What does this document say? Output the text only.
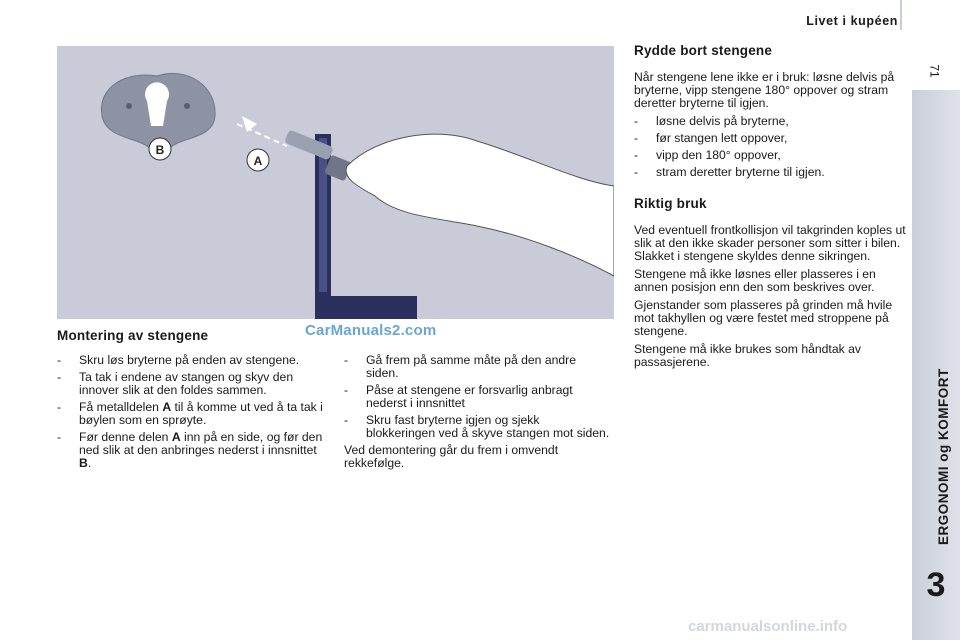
Livet i kupéen
71
ERGONOMI og KOMFORT
3
B
A
CarManuals2.com
carmanualsonline.info
Montering av stengene
- Skru løs bryterne på enden av stengene.
- Ta tak i endene av stangen og skyv den innover slik at den foldes sammen.
- Få metalldelen A til å komme ut ved å ta tak i bøylen som en sprøyte.
- Før denne delen A inn på en side, og før den ned slik at den anbringes nederst i innsnittet B.
- Gå frem på samme måte på den andre siden.
- Påse at stengene er forsvarlig anbragt nederst i innsnittet
- Skru fast bryterne igjen og sjekk blokkeringen ved å skyve stangen mot siden.

Ved demontering går du frem i omvendt rekkefølge.

Rydde bort stengene

Når stengene lene ikke er i bruk: løsne delvis på bryterne, vipp stengene 180° oppover og stram deretter bryterne til igjen.

- løsne delvis på bryterne,
- før stangen lett oppover,
- vipp den 180° oppover,
- stram deretter bryterne til igjen.
Riktig bruk

Ved eventuell frontkollisjon vil takgrinden koples ut slik at den ikke skader personer som sitter i bilen. Slakket i stengene skyldes denne sikringen.

Stengene må ikke løsnes eller plasseres i en annen posisjon enn den som beskrives over.

Gjenstander som plasseres på grinden må hvile mot takhyllen og være festet med stroppene på stengene.

Stengene må ikke brukes som håndtak av passasjerene.
